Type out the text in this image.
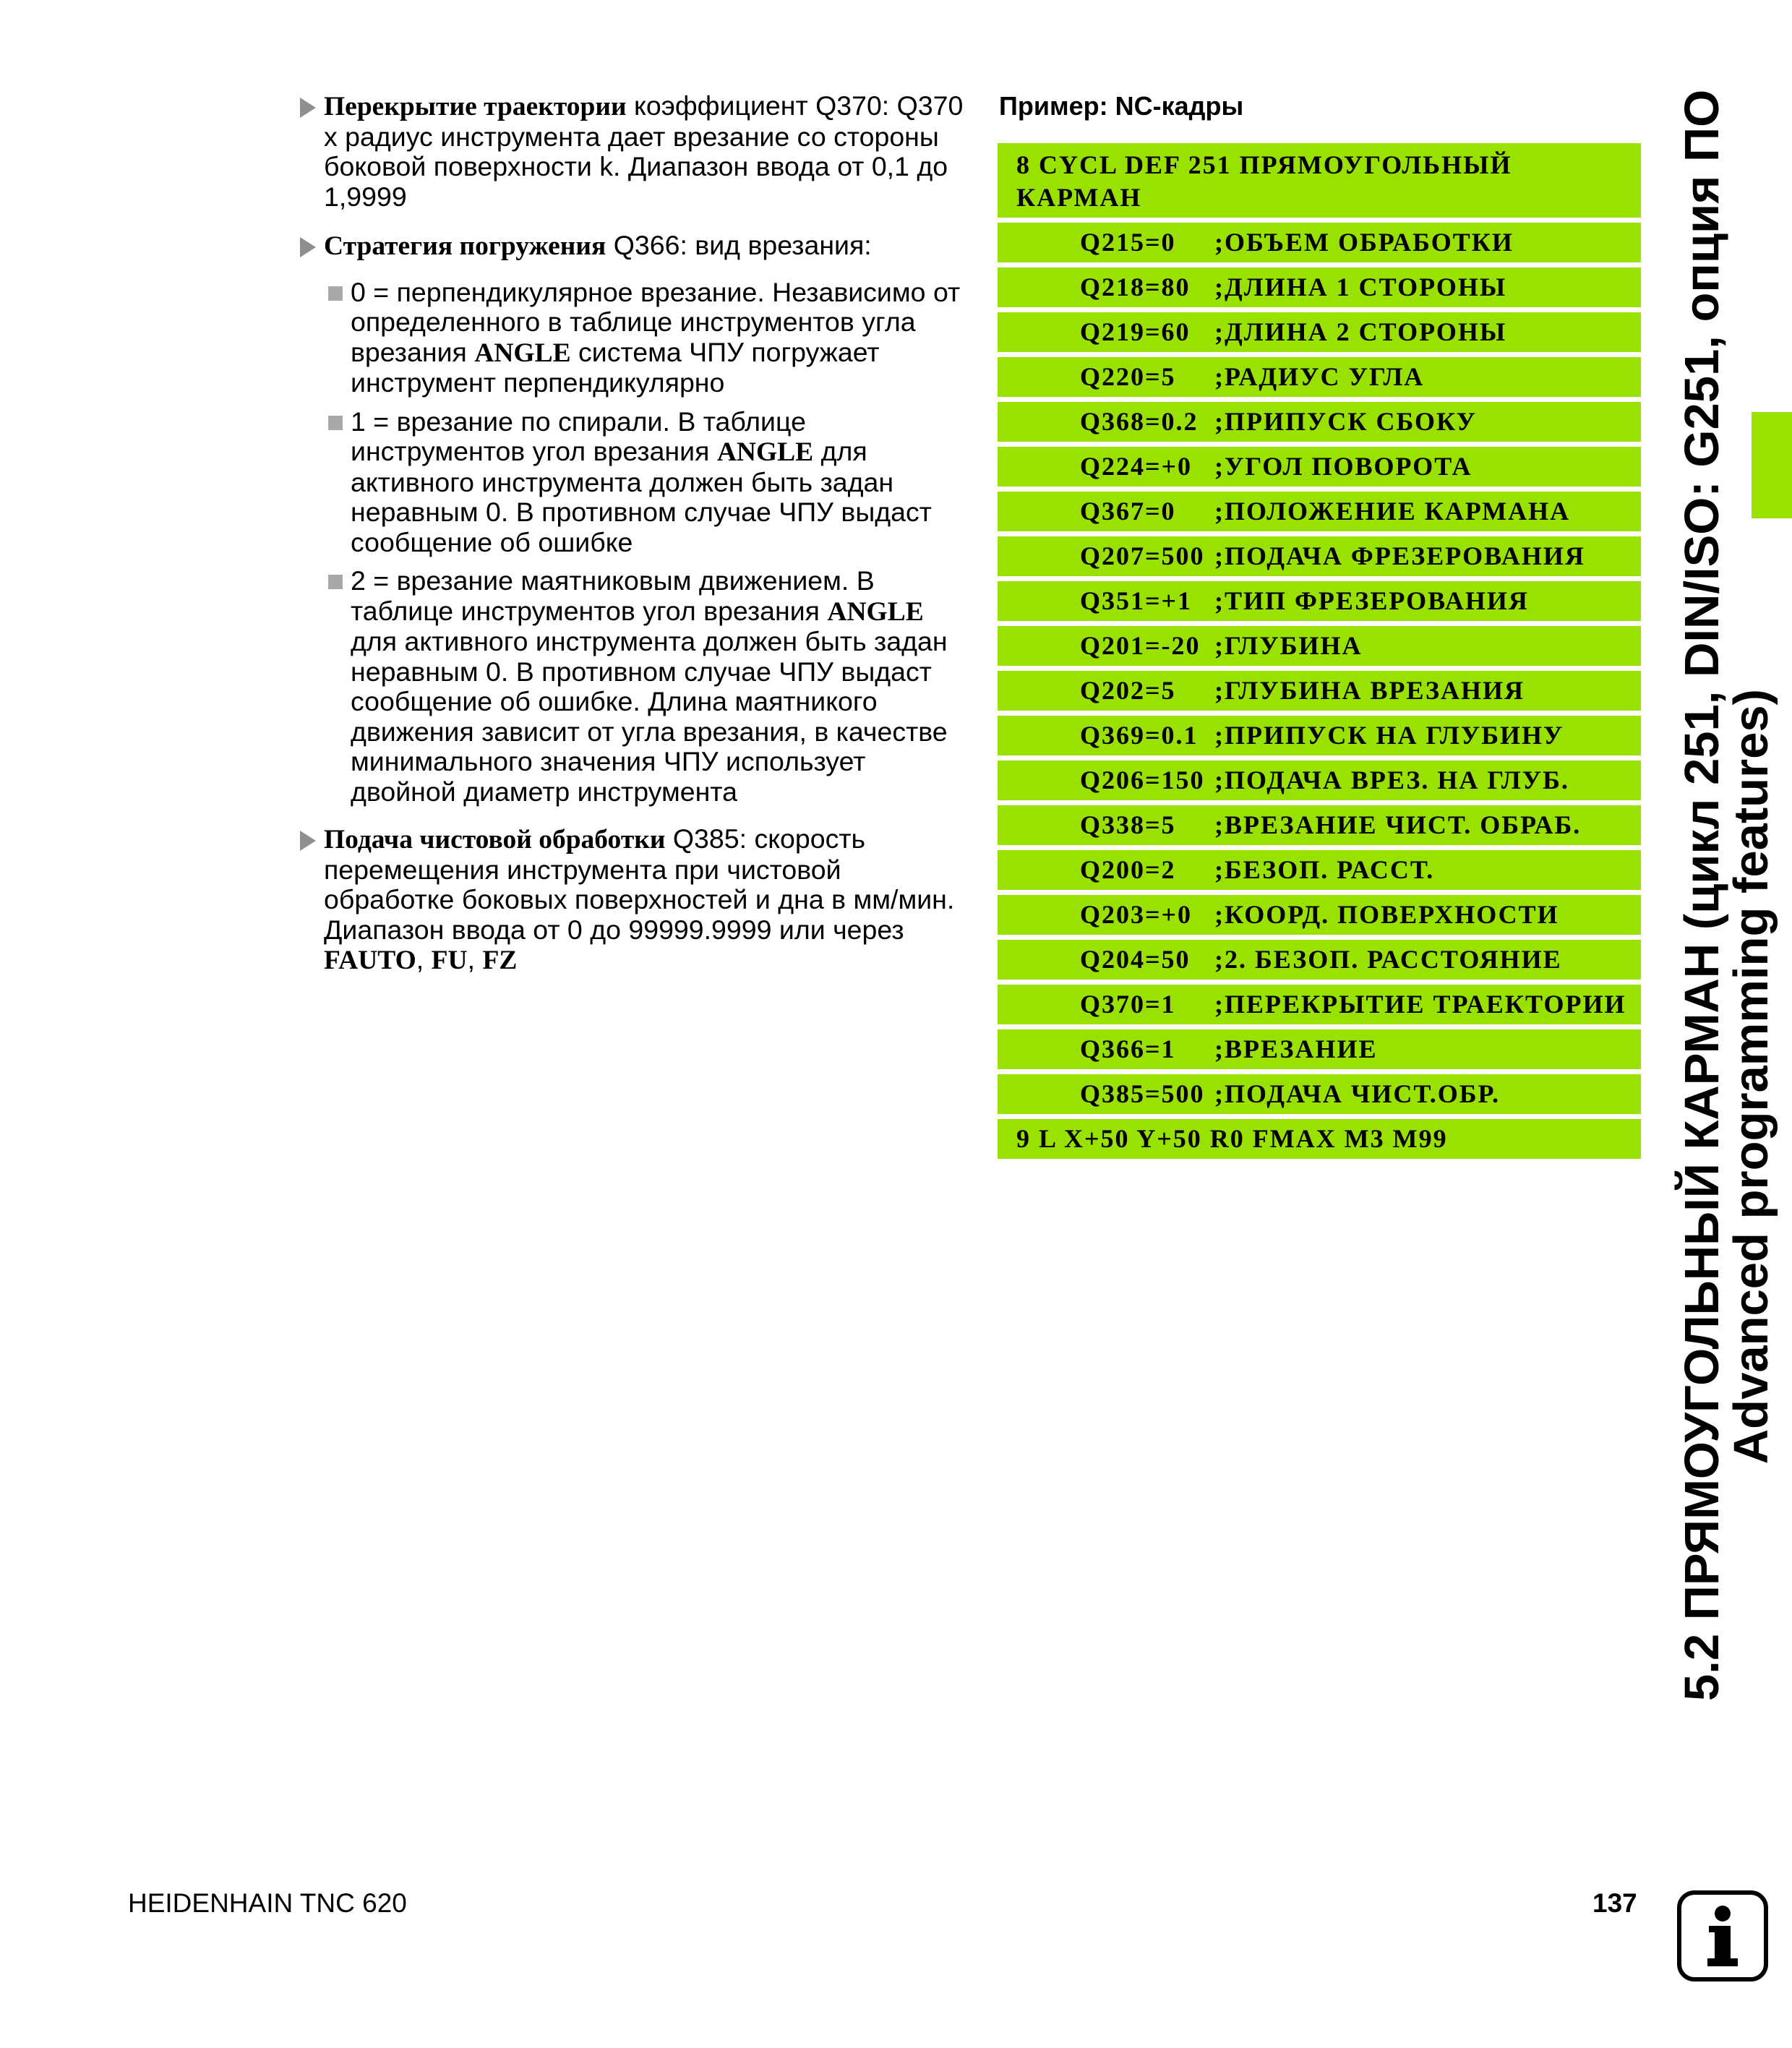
Перекрытие траектории коэффициент Q370: Q370 x радиус инструмента дает врезание со стороны боковой поверхности k. Диапазон ввода от 0,1 до 1,9999
Стратегия погружения Q366: вид врезания:
0 = перпендикулярное врезание. Независимо от определенного в таблице инструментов угла врезания ANGLE система ЧПУ погружает инструмент перпендикулярно
1 = врезание по спирали. В таблице инструментов угол врезания ANGLE для активного инструмента должен быть задан неравным 0. В противном случае ЧПУ выдаст сообщение об ошибке
2 = врезание маятниковым движением. В таблице инструментов угол врезания ANGLE для активного инструмента должен быть задан неравным 0. В противном случае ЧПУ выдаст сообщение об ошибке. Длина маятникого движения зависит от угла врезания, в качестве минимального значения ЧПУ использует двойной диаметр инструмента
Подача чистовой обработки Q385: скорость перемещения инструмента при чистовой обработке боковых поверхностей и дна в мм/мин. Диапазон ввода от 0 до 99999.9999 или через FAUTO, FU, FZ
Пример: NC-кадры
8 CYCL DEF 251 ПРЯМОУГОЛЬНЫЙ
КАРМАН
Q215=0 ;ОБЪЕМ ОБРАБОТКИ
Q218=80 ;ДЛИНА 1 СТОРОНЫ
Q219=60 ;ДЛИНА 2 СТОРОНЫ
Q220=5 ;РАДИУС УГЛА
Q368=0.2 ;ПРИПУСК СБОКУ
Q224=+0 ;УГОЛ ПОВОРОТА
Q367=0 ;ПОЛОЖЕНИЕ КАРМАНА
Q207=500 ;ПОДАЧА ФРЕЗЕРОВАНИЯ
Q351=+1 ;ТИП ФРЕЗЕРОВАНИЯ
Q201=-20 ;ГЛУБИНА
Q202=5 ;ГЛУБИНА ВРЕЗАНИЯ
Q369=0.1 ;ПРИПУСК НА ГЛУБИНУ
Q206=150 ;ПОДАЧА ВРЕЗ. НА ГЛУБ.
Q338=5 ;ВРЕЗАНИЕ ЧИСТ. ОБРАБ.
Q200=2 ;БЕЗОП. РАССТ.
Q203=+0 ;КООРД. ПОВЕРХНОСТИ
Q204=50 ;2. БЕЗОП. РАССТОЯНИЕ
Q370=1 ;ПЕРЕКРЫТИЕ ТРАЕКТОРИИ
Q366=1 ;ВРЕЗАНИЕ
Q385=500 ;ПОДАЧА ЧИСТ.ОБР.
9 L X+50 Y+50 R0 FMAX M3 M99	5.2 ПРЯМОУГОЛЬНЫЙ КАРМАН (цикл 251, DIN/ISO: G251, опция ПО
Advanced programming features)
HEIDENHAIN TNC 620	137
